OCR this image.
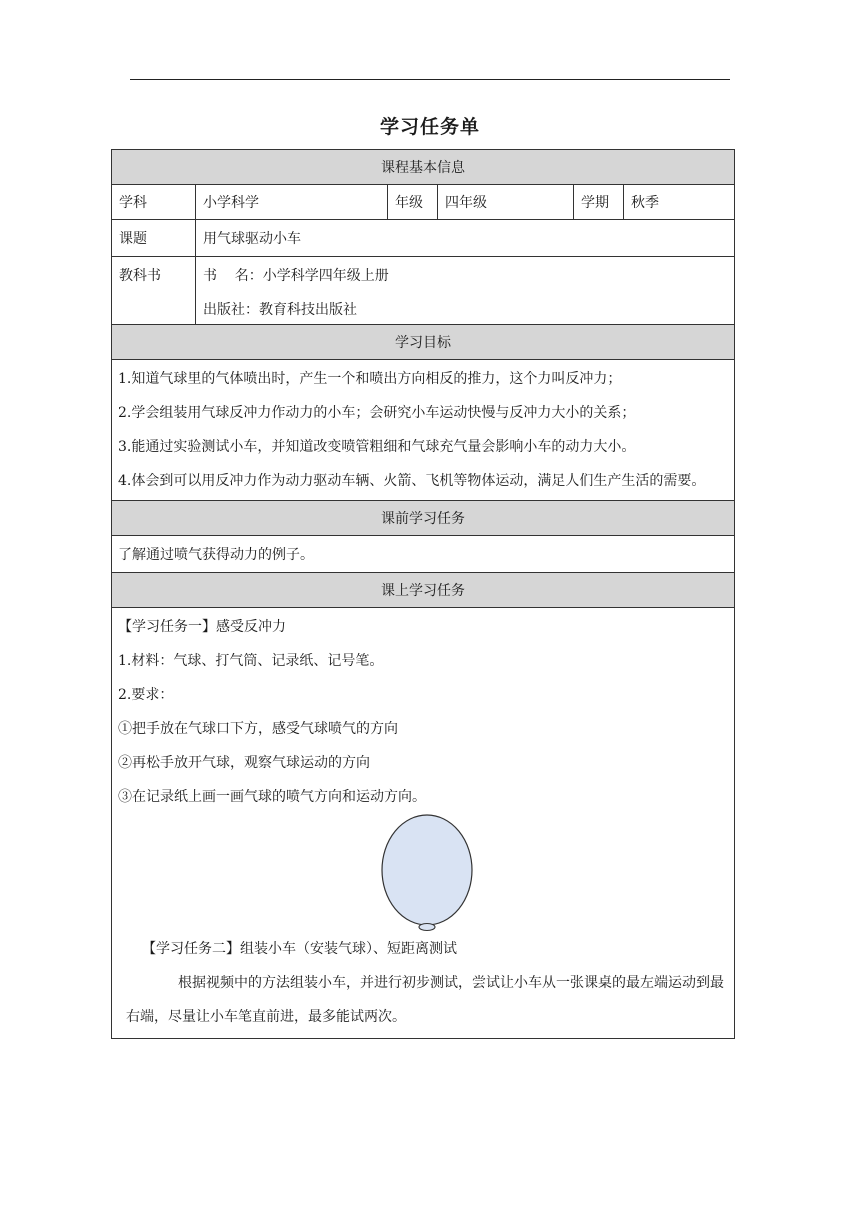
学习任务单
课程基本信息
学科	小学科学	年级	四年级	学期	秋季
课题	用气球驱动小车
教科书	书    名：小学科学四年级上册
出版社：教育科技出版社
学习目标
1.知道气球里的气体喷出时，产生一个和喷出方向相反的推力，这个力叫反冲力；
2.学会组装用气球反冲力作动力的小车；会研究小车运动快慢与反冲力大小的关系；
3.能通过实验测试小车，并知道改变喷管粗细和气球充气量会影响小车的动力大小。
4.体会到可以用反冲力作为动力驱动车辆、火箭、飞机等物体运动，满足人们生产生活的需要。
课前学习任务
了解通过喷气获得动力的例子。
课上学习任务
【学习任务一】感受反冲力
1.材料：气球、打气筒、记录纸、记号笔。
2.要求：
①把手放在气球口下方，感受气球喷气的方向
②再松手放开气球，观察气球运动的方向
③在记录纸上画一画气球的喷气方向和运动方向。
【学习任务二】组装小车（安装气球）、短距离测试
根据视频中的方法组装小车，并进行初步测试，尝试让小车从一张课桌的最左端运动到最右端，尽量让小车笔直前进，最多能试两次。
